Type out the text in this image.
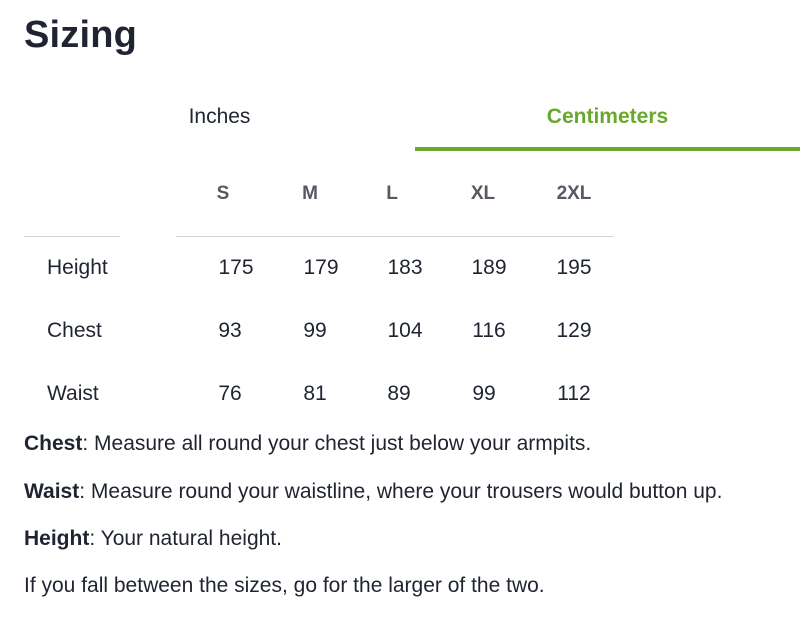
Sizing
Inches	Centimeters
S	M	L	XL	2XL
Height	175	179	183	189	195
Chest	93	99	104	116	129
Waist	76	81	89	99	112
Chest: Measure all round your chest just below your armpits.
Waist: Measure round your waistline, where your trousers would button up.
Height: Your natural height.
If you fall between the sizes, go for the larger of the two.
